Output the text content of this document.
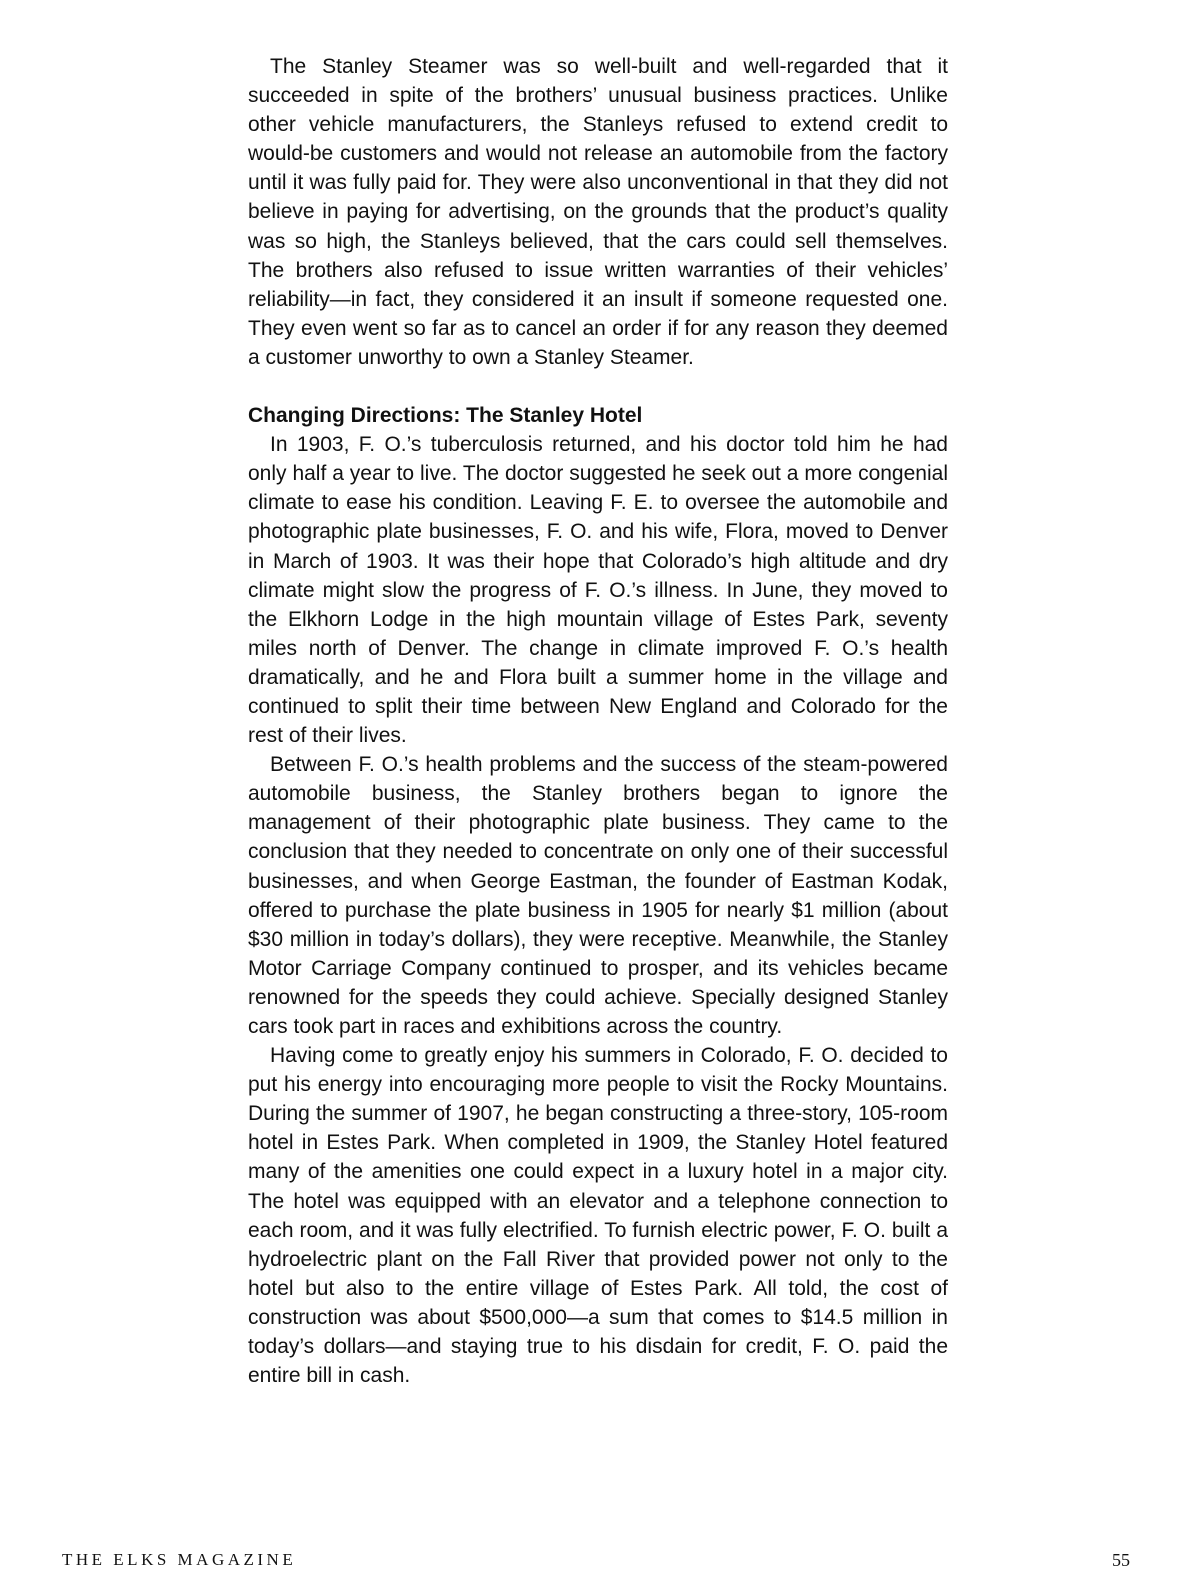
The Stanley Steamer was so well-built and well-regarded that it succeeded in spite of the brothers’ unusual business practices. Unlike other vehicle manufacturers, the Stanleys refused to extend credit to would-be customers and would not release an automobile from the factory until it was fully paid for. They were also unconventional in that they did not believe in paying for advertising, on the grounds that the product’s quality was so high, the Stanleys believed, that the cars could sell themselves. The brothers also refused to issue written warranties of their vehicles’ reliability—in fact, they considered it an insult if someone requested one. They even went so far as to cancel an order if for any reason they deemed a customer unworthy to own a Stanley Steamer.

Changing Directions: The Stanley Hotel

In 1903, F. O.’s tuberculosis returned, and his doctor told him he had only half a year to live. The doctor suggested he seek out a more congenial climate to ease his condition. Leaving F. E. to oversee the automobile and photographic plate businesses, F. O. and his wife, Flora, moved to Denver in March of 1903. It was their hope that Colorado’s high altitude and dry climate might slow the progress of F. O.’s illness. In June, they moved to the Elkhorn Lodge in the high mountain village of Estes Park, seventy miles north of Denver. The change in climate improved F. O.’s health dramatically, and he and Flora built a summer home in the village and continued to split their time between New England and Colorado for the rest of their lives.

Between F. O.’s health problems and the success of the steam-powered automobile business, the Stanley brothers began to ignore the management of their photographic plate business. They came to the conclusion that they needed to concentrate on only one of their successful businesses, and when George Eastman, the founder of Eastman Kodak, offered to purchase the plate business in 1905 for nearly $1 million (about $30 million in today’s dollars), they were receptive. Meanwhile, the Stanley Motor Carriage Company continued to prosper, and its vehicles became renowned for the speeds they could achieve. Specially designed Stanley cars took part in races and exhibitions across the country.

Having come to greatly enjoy his summers in Colorado, F. O. decided to put his energy into encouraging more people to visit the Rocky Mountains. During the summer of 1907, he began constructing a three-story, 105-room hotel in Estes Park. When completed in 1909, the Stanley Hotel featured many of the amenities one could expect in a luxury hotel in a major city. The hotel was equipped with an elevator and a telephone connection to each room, and it was fully electrified. To furnish electric power, F. O. built a hydroelectric plant on the Fall River that provided power not only to the hotel but also to the entire village of Estes Park. All told, the cost of construction was about $500,000—a sum that comes to $14.5 million in today’s dollars—and staying true to his disdain for credit, F. O. paid the entire bill in cash.

THE ELKS MAGAZINE	55
